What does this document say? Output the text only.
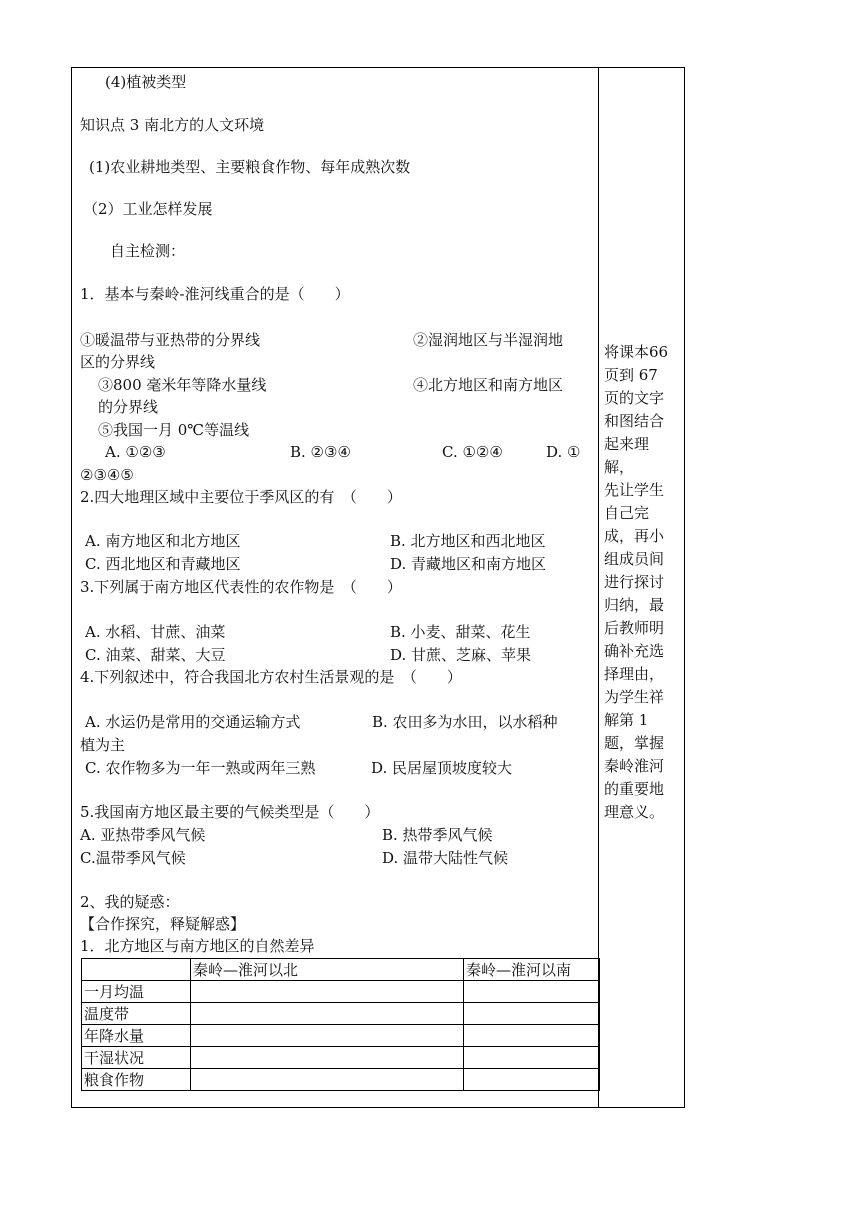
(4)植被类型
知识点 3 南北方的人文环境
(1)农业耕地类型、主要粮食作物、每年成熟次数
（2）工业怎样发展
自主检测：
1．基本与秦岭-淮河线重合的是（　　）
①暖温带与亚热带的分界线	②湿润地区与半湿润地
区的分界线
③800 毫米年等降水量线	④北方地区和南方地区
的分界线
⑤我国一月 0℃等温线
A. ①②③	B. ②③④	C. ①②④	D. ①
②③④⑤
2.四大地理区域中主要位于季风区的有　（　　）
A. 南方地区和北方地区	B. 北方地区和西北地区
C. 西北地区和青藏地区	D. 青藏地区和南方地区
3.下列属于南方地区代表性的农作物是　（　　）
A. 水稻、甘蔗、油菜	B. 小麦、甜菜、花生
C. 油菜、甜菜、大豆	D. 甘蔗、芝麻、苹果
4.下列叙述中，符合我国北方农村生活景观的是　（　　）
A. 水运仍是常用的交通运输方式	B. 农田多为水田，以水稻种
植为主
C. 农作物多为一年一熟或两年三熟	D. 民居屋顶坡度较大
5.我国南方地区最主要的气候类型是（　　）
A. 亚热带季风气候	B. 热带季风气候
C.温带季风气候	D. 温带大陆性气候
2、我的疑惑：
【合作探究，释疑解惑】
1．北方地区与南方地区的自然差异
	秦岭—淮河以北	秦岭—淮河以南
一月均温		
温度带		
年降水量		
干湿状况		
粮食作物		
将课本66
页到 67
页的文字
和图结合
起来理
解，
先让学生
自己完
成，再小
组成员间
进行探讨
归纳，最
后教师明
确补充选
择理由，
为学生祥
解第 1
题，掌握
秦岭淮河
的重要地
理意义。
